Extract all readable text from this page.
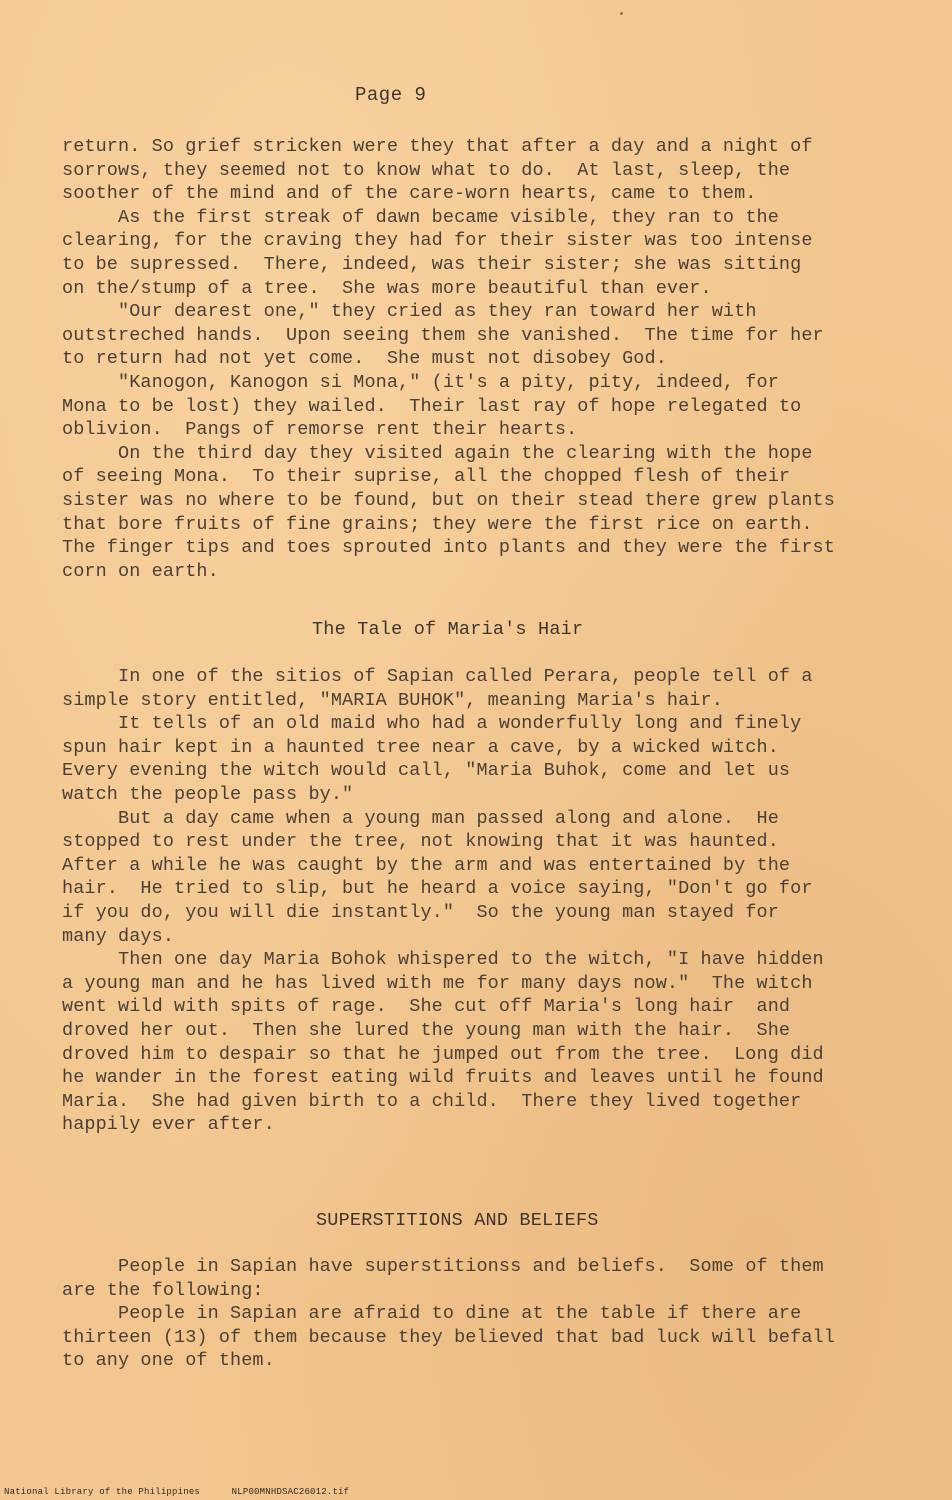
Page 9

return. So grief stricken were they that after a day and a night of
sorrows, they seemed not to know what to do.  At last, sleep, the
soother of the mind and of the care-worn hearts, came to them.

As the first streak of dawn became visible, they ran to the
clearing, for the craving they had for their sister was too intense
to be supressed.  There, indeed, was their sister; she was sitting
on the/stump of a tree.  She was more beautiful than ever.

"Our dearest one," they cried as they ran toward her with
outstreched hands.  Upon seeing them she vanished.  The time for her
to return had not yet come.  She must not disobey God.

"Kanogon, Kanogon si Mona," (it's a pity, pity, indeed, for
Mona to be lost) they wailed.  Their last ray of hope relegated to
oblivion.  Pangs of remorse rent their hearts.

On the third day they visited again the clearing with the hope
of seeing Mona.  To their suprise, all the chopped flesh of their
sister was no where to be found, but on their stead there grew plants
that bore fruits of fine grains; they were the first rice on earth.
The finger tips and toes sprouted into plants and they were the first
corn on earth.

The Tale of Maria's Hair

In one of the sitios of Sapian called Perara, people tell of a
simple story entitled, "MARIA BUHOK", meaning Maria's hair.

It tells of an old maid who had a wonderfully long and finely
spun hair kept in a haunted tree near a cave, by a wicked witch.
Every evening the witch would call, "Maria Buhok, come and let us
watch the people pass by."

But a day came when a young man passed along and alone.  He
stopped to rest under the tree, not knowing that it was haunted.
After a while he was caught by the arm and was entertained by the
hair.  He tried to slip, but he heard a voice saying, "Don't go for
if you do, you will die instantly."  So the young man stayed for
many days.

Then one day Maria Bohok whispered to the witch, "I have hidden
a young man and he has lived with me for many days now."  The witch
went wild with spits of rage.  She cut off Maria's long hair  and
droved her out.  Then she lured the young man with the hair.  She
droved him to despair so that he jumped out from the tree.  Long did
he wander in the forest eating wild fruits and leaves until he found
Maria.  She had given birth to a child.  There they lived together
happily ever after.

SUPERSTITIONS AND BELIEFS

People in Sapian have superstitionss and beliefs.  Some of them
are the following:

People in Sapian are afraid to dine at the table if there are
thirteen (13) of them because they believed that bad luck will befall
to any one of them.

National Library of the Philippines	NLP00MNHDSAC26012.tif
